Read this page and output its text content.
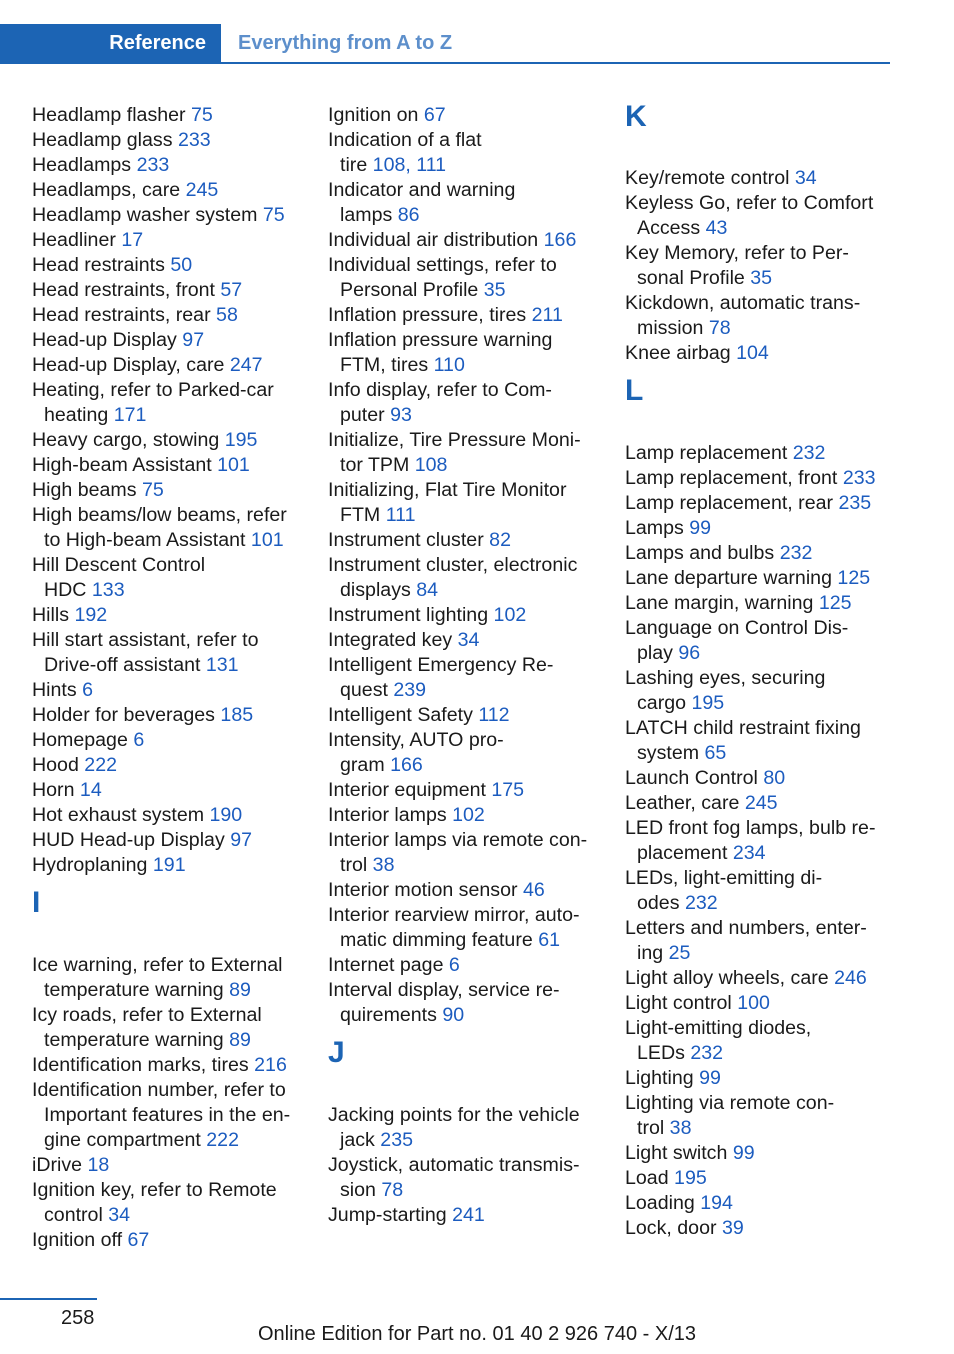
Reference	Everything from A to Z
Headlamp flasher 75
Headlamp glass 233
Headlamps 233
Headlamps, care 245
Headlamp washer system 75
Headliner 17
Head restraints 50
Head restraints, front 57
Head restraints, rear 58
Head-up Display 97
Head-up Display, care 247
Heating, refer to Parked-car
heating 171
Heavy cargo, stowing 195
High-beam Assistant 101
High beams 75
High beams/low beams, refer
to High-beam Assistant 101
Hill Descent Control
HDC 133
Hills 192
Hill start assistant, refer to
Drive-off assistant 131
Hints 6
Holder for beverages 185
Homepage 6
Hood 222
Horn 14
Hot exhaust system 190
HUD Head-up Display 97
Hydroplaning 191
I
Ice warning, refer to External
temperature warning 89
Icy roads, refer to External
temperature warning 89
Identification marks, tires 216
Identification number, refer to
Important features in the en-
gine compartment 222
iDrive 18
Ignition key, refer to Remote
control 34
Ignition off 67
Ignition on 67
Indication of a flat
tire 108, 111
Indicator and warning
lamps 86
Individual air distribution 166
Individual settings, refer to
Personal Profile 35
Inflation pressure, tires 211
Inflation pressure warning
FTM, tires 110
Info display, refer to Com-
puter 93
Initialize, Tire Pressure Moni-
tor TPM 108
Initializing, Flat Tire Monitor
FTM 111
Instrument cluster 82
Instrument cluster, electronic
displays 84
Instrument lighting 102
Integrated key 34
Intelligent Emergency Re-
quest 239
Intelligent Safety 112
Intensity, AUTO pro-
gram 166
Interior equipment 175
Interior lamps 102
Interior lamps via remote con-
trol 38
Interior motion sensor 46
Interior rearview mirror, auto-
matic dimming feature 61
Internet page 6
Interval display, service re-
quirements 90
J
Jacking points for the vehicle
jack 235
Joystick, automatic transmis-
sion 78
Jump-starting 241
K
Key/remote control 34
Keyless Go, refer to Comfort
Access 43
Key Memory, refer to Per-
sonal Profile 35
Kickdown, automatic trans-
mission 78
Knee airbag 104
L
Lamp replacement 232
Lamp replacement, front 233
Lamp replacement, rear 235
Lamps 99
Lamps and bulbs 232
Lane departure warning 125
Lane margin, warning 125
Language on Control Dis-
play 96
Lashing eyes, securing
cargo 195
LATCH child restraint fixing
system 65
Launch Control 80
Leather, care 245
LED front fog lamps, bulb re-
placement 234
LEDs, light-emitting di-
odes 232
Letters and numbers, enter-
ing 25
Light alloy wheels, care 246
Light control 100
Light-emitting diodes,
LEDs 232
Lighting 99
Lighting via remote con-
trol 38
Light switch 99
Load 195
Loading 194
Lock, door 39
258
Online Edition for Part no. 01 40 2 926 740 - X/13
